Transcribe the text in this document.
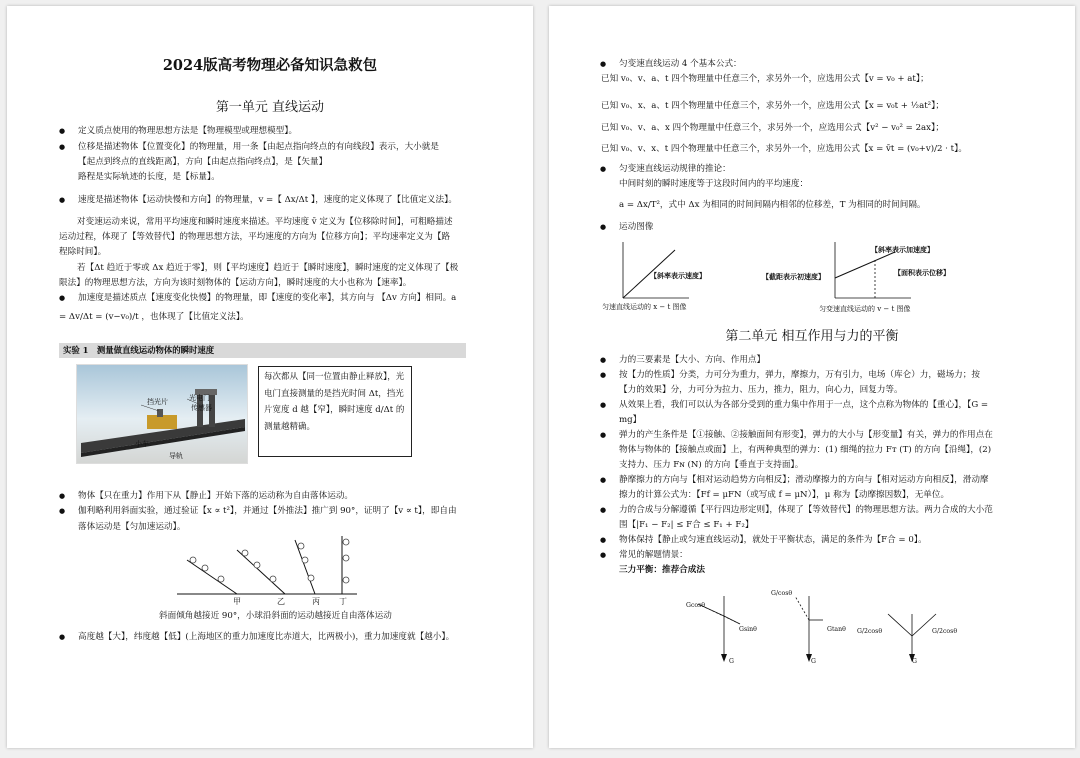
2024版高考物理必备知识急救包
第一单元 直线运动
● 定义质点使用的物理思想方法是【物理模型或理想模型】。
● 位移是描述物体【位置变化】的物理量，用一条【由起点指向终点的有向线段】表示，大小就是
【起点到终点的直线距离】，方向【由起点指向终点】，是【矢量】
路程是实际轨迹的长度，是【标量】。
● 速度是描述物体【运动快慢和方向】的物理量，v =【 Δx/Δt 】，速度的定义体现了【比值定义法】。
对变速运动来说，常用平均速度和瞬时速度来描述。平均速度 v̄ 定义为【位移除时间】，可粗略描述
运动过程，体现了【等效替代】的物理思想方法，平均速度的方向为【位移方向】；平均速率定义为【路
程除时间】。
若【Δt 趋近于零或 Δx 趋近于零】，则【平均速度】趋近于【瞬时速度】，瞬时速度的定义体现了【极
限法】的物理思想方法，方向为该时刻物体的【运动方向】，瞬时速度的大小也称为【速率】。
● 加速度是描述质点【速度变化快慢】的物理量，即【速度的变化率】，其方向与 【Δv 方向】相同。a
= Δv/Δt = (v−v₀)/t ，也体现了【比值定义法】。
实验 1　测量做直线运动物体的瞬时速度
挡光片	光电门
传感器
小车
导轨
每次都从【同一位置由静止释放】，光电门直接测量的是挡光时间 Δt，挡光片宽度 d 越【窄】，瞬时速度 d/Δt 的测量越精确。
● 物体【只在重力】作用下从【静止】开始下落的运动称为自由落体运动。
● 伽利略利用斜面实验，通过验证【x ∝ t²】，并通过【外推法】推广到 90°，证明了【v ∝ t】，即自由
落体运动是【匀加速运动】。
甲	乙	丙 丁
斜面倾角越接近 90°，小球沿斜面的运动越接近自由落体运动
● 高度越【大】，纬度越【低】(上海地区的重力加速度比赤道大，比两极小)，重力加速度就【越小】。
● 匀变速直线运动 4 个基本公式：
已知 v₀、v、a、t 四个物理量中任意三个，求另外一个，应选用公式【v = v₀ + at】；
已知 v₀、x、a、t 四个物理量中任意三个，求另外一个，应选用公式【x = v₀t + ½at²】；
已知 v₀、v、a、x 四个物理量中任意三个，求另外一个，应选用公式【v² − v₀² = 2ax】；
已知 v₀、v、x、t 四个物理量中任意三个，求另外一个，应选用公式【x = v̄t = (v₀+v)/2 · t】。
● 匀变速直线运动规律的推论：
中间时刻的瞬时速度等于这段时间内的平均速度：
a = Δx/T²，式中 Δx 为相同的时间间隔内相邻的位移差，T 为相同的时间间隔。
● 运动图像
【斜率表示速度】
匀速直线运动的 x − t 图像
【斜率表示加速度】
【截距表示初速度】	【面积表示位移】
匀变速直线运动的 v − t 图像
第二单元 相互作用与力的平衡
● 力的三要素是【大小、方向、作用点】
● 按【力的性质】分类，力可分为重力，弹力，摩擦力，万有引力，电场（库仑）力，磁场力；按
【力的效果】分，力可分为拉力、压力，推力，阻力，向心力，回复力等。
● 从效果上看，我们可以认为各部分受到的重力集中作用于一点，这个点称为物体的【重心】，【G =
mg】
● 弹力的产生条件是【①接触、②接触面间有形变】，弹力的大小与【形变量】有关，弹力的作用点在
物体与物体的【接触点或面】上，有两种典型的弹力：(1) 细绳的拉力 Fᴛ (T) 的方向【沿绳】，(2)
支持力、压力 Fɴ (N) 的方向【垂直于支持面】。
● 静摩擦力的方向与【相对运动趋势方向相反】；滑动摩擦力的方向与【相对运动方向相反】，滑动摩
擦力的计算公式为：【Ff = μFN（或写成 f = μN）】，μ 称为【动摩擦因数】，无单位。
● 力的合成与分解遵循【平行四边形定则】，体现了【等效替代】的物理思想方法。两力合成的大小范
围【|F₁ − F₂| ≤ F合 ≤ F₁ + F₂】
● 物体保持【静止或匀速直线运动】，就处于平衡状态，满足的条件为【F合 = 0】。
● 常见的解题情景：
三力平衡：推荐合成法
Gcosθ
Gsinθ
G
G/cosθ
Gtanθ
G
G/2cosθ	G/2cosθ
G
